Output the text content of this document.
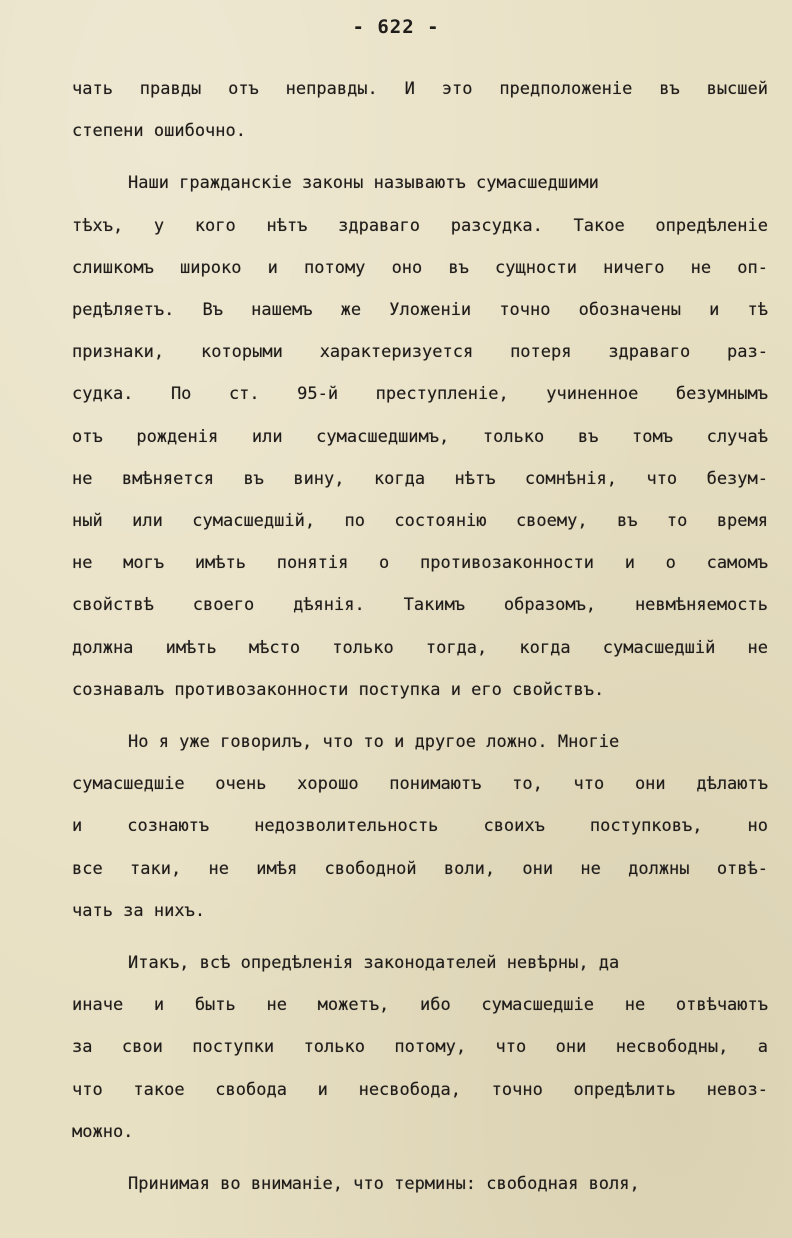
- 622 -
чать правды отъ неправды. И это предположенiе въ высшей
степени ошибочно.
Наши гражданскiе законы называютъ сумасшедшими
тѣхъ, у кого нѣтъ здраваго разсудка. Такое опредѣленiе
слишкомъ широко и потому оно въ сущности ничего не оп-
редѣляетъ. Въ нашемъ же Уложенiи точно обозначены и тѣ
признаки, которыми характеризуется потеря здраваго раз-
судка. По ст. 95-й преступленiе, учиненное безумнымъ
отъ рожденiя или сумасшедшимъ, только въ томъ случаѣ
не вмѣняется въ вину, когда нѣтъ сомнѣнiя, что безум-
ный или сумасшедшiй, по состоянiю своему, въ то время
не могъ имѣть понятiя о противозаконности и о самомъ
свойствѣ своего дѣянiя. Такимъ образомъ, невмѣняемость
должна имѣть мѣсто только тогда, когда сумасшедшiй не
сознавалъ противозаконности поступка и его свойствъ.
Но я уже говорилъ, что то и другое ложно. Многiе
сумасшедшiе очень хорошо понимаютъ то, что они дѣлаютъ
и сознаютъ недозволительность своихъ поступковъ, но
все таки, не имѣя свободной воли, они не должны отвѣ-
чать за нихъ.
Итакъ, всѣ опредѣленiя законодателей невѣрны, да
иначе и быть не можетъ, ибо сумасшедшiе не отвѣчаютъ
за свои поступки только потому, что они несвободны, а
что такое свобода и несвобода, точно опредѣлить невоз-
можно.
Принимая во вниманiе, что термины: свободная воля,
